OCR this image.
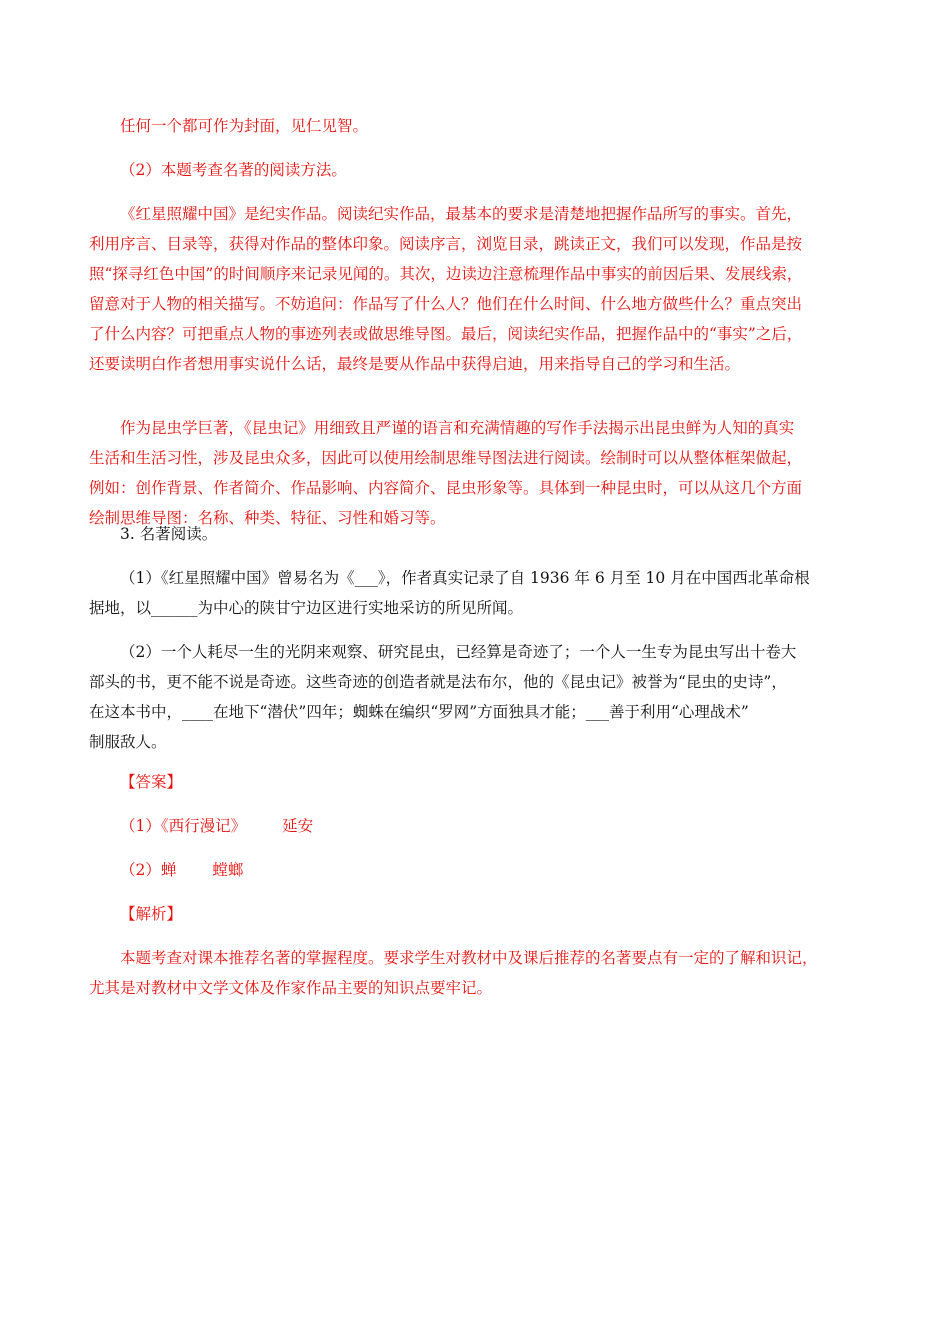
任何一个都可作为封面，见仁见智。

（2）本题考查名著的阅读方法。

《红星照耀中国》是纪实作品。阅读纪实作品，最基本的要求是清楚地把握作品所写的事实。首先，
利用序言、目录等，获得对作品的整体印象。阅读序言，浏览目录，跳读正文，我们可以发现，作品是按
照“探寻红色中国”的时间顺序来记录见闻的。其次，边读边注意梳理作品中事实的前因后果、发展线索，
留意对于人物的相关描写。不妨追问：作品写了什么人？他们在什么时间、什么地方做些什么？重点突出
了什么内容？可把重点人物的事迹列表或做思维导图。最后，阅读纪实作品，把握作品中的“事实”之后，
还要读明白作者想用事实说什么话，最终是要从作品中获得启迪，用来指导自己的学习和生活。
作为昆虫学巨著，《昆虫记》用细致且严谨的语言和充满情趣的写作手法揭示出昆虫鲜为人知的真实
生活和生活习性，涉及昆虫众多，因此可以使用绘制思维导图法进行阅读。绘制时可以从整体框架做起，
例如：创作背景、作者简介、作品影响、内容简介、昆虫形象等。具体到一种昆虫时，可以从这几个方面
绘制思维导图：名称、种类、特征、习性和婚习等。

3. 名著阅读。

（1）《红星照耀中国》曾易名为《___》，作者真实记录了自 1936 年 6 月至 10 月在中国西北革命根
据地，以______为中心的陕甘宁边区进行实地采访的所见所闻。
（2）一个人耗尽一生的光阴来观察、研究昆虫，已经算是奇迹了；一个人一生专为昆虫写出十卷大
部头的书，更不能不说是奇迹。这些奇迹的创造者就是法布尔，他的《昆虫记》被誉为“昆虫的史诗”，
在这本书中，____在地下“潜伏”四年；蜘蛛在编织“罗网”方面独具才能；___善于利用“心理战术”
制服敌人。

【答案】

（1）《西行漫记》 延安

（2）蝉 螳螂

【解析】

本题考查对课本推荐名著的掌握程度。要求学生对教材中及课后推荐的名著要点有一定的了解和识记，
尤其是对教材中文学文体及作家作品主要的知识点要牢记。
